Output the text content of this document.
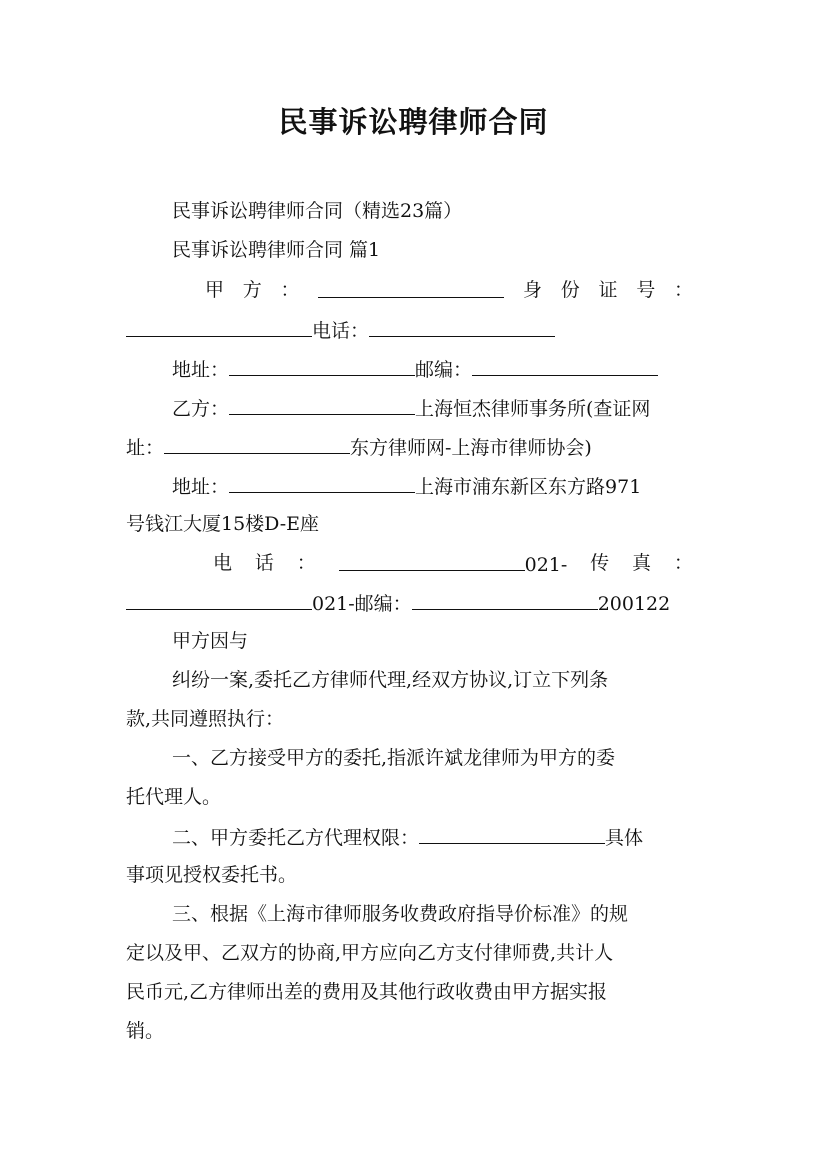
民事诉讼聘律师合同
民事诉讼聘律师合同（精选23篇）
民事诉讼聘律师合同 篇1
甲 方 ：	身 份 证 号 ：
电话：
地址：	邮编：
乙方：	上海恒杰律师事务所(查证网
址：	东方律师网-上海市律师协会)
地址：	上海市浦东新区东方路971
号钱江大厦15楼D-E座
电 话 ：	021- 传 真 ：
021-邮编：	200122
甲方因与
纠纷一案,委托乙方律师代理,经双方协议,订立下列条
款,共同遵照执行：
一、乙方接受甲方的委托,指派许斌龙律师为甲方的委
托代理人。
二、甲方委托乙方代理权限：	具体
事项见授权委托书。
三、根据《上海市律师服务收费政府指导价标准》的规
定以及甲、乙双方的协商,甲方应向乙方支付律师费,共计人
民币元,乙方律师出差的费用及其他行政收费由甲方据实报
销。
